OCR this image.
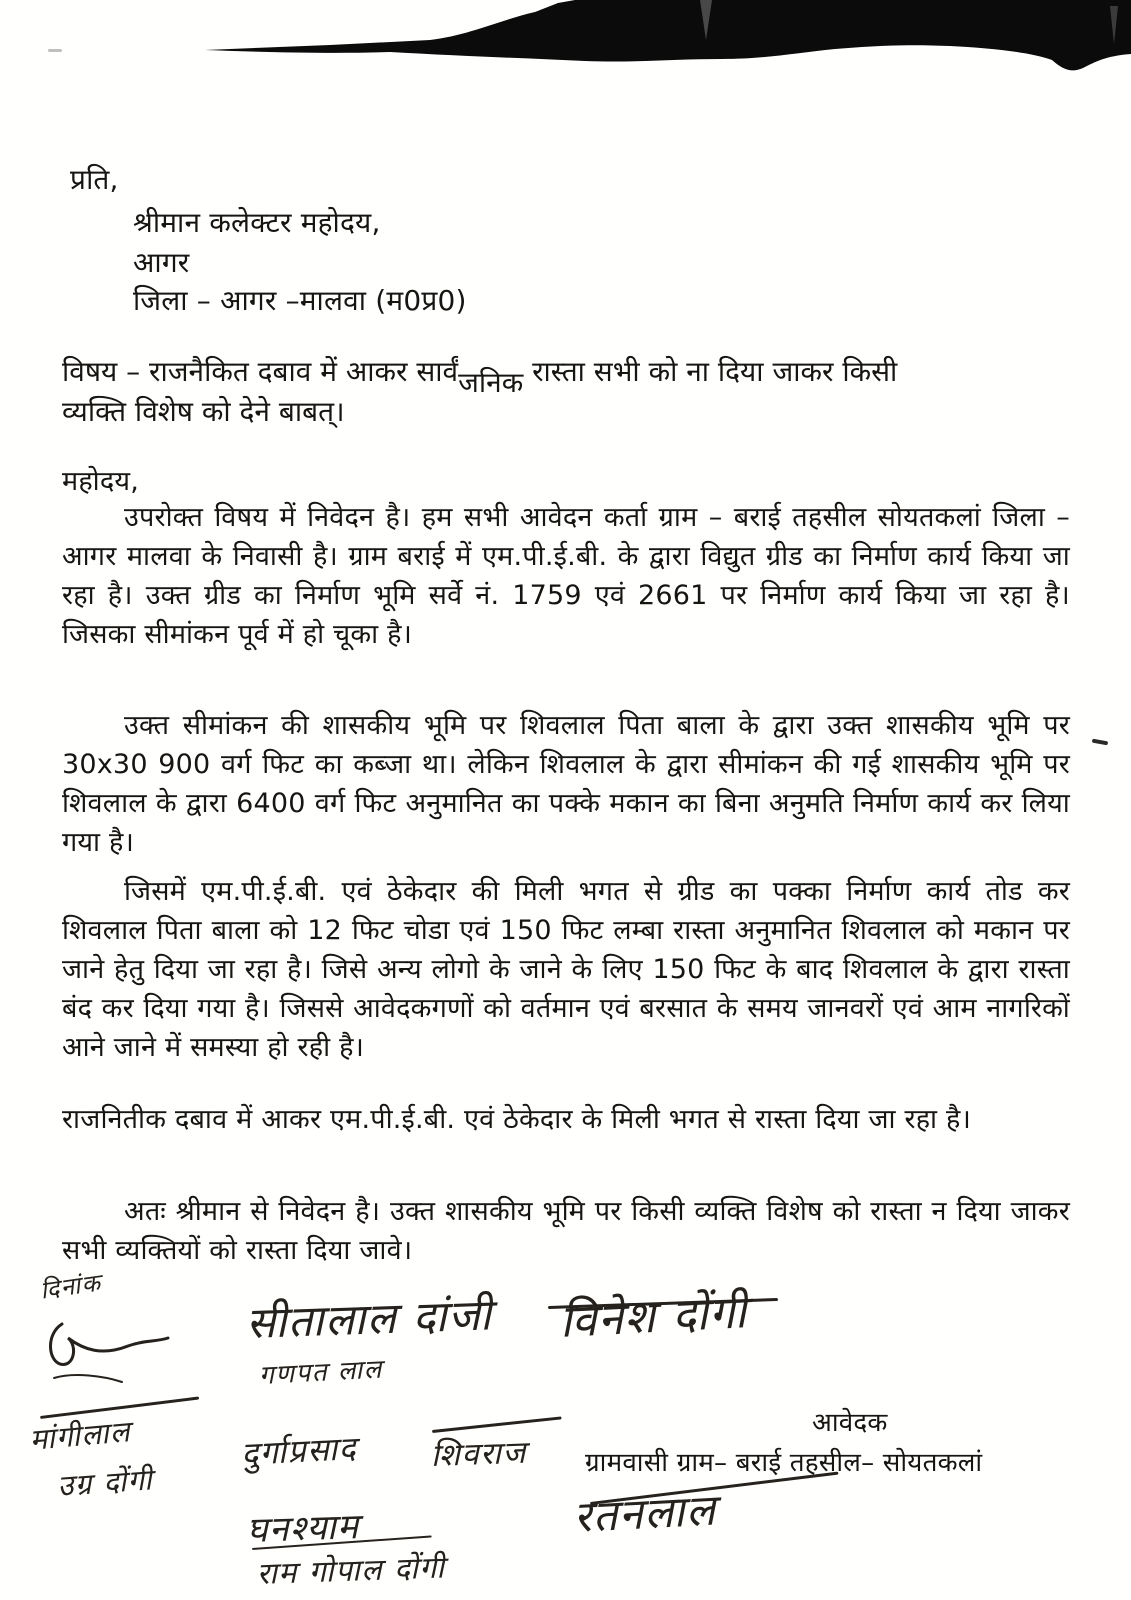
प्रति,
श्रीमान कलेक्टर महोदय,
आगर
जिला – आगर –मालवा (म0प्र0)
विषय – राजनैकित दबाव में आकर सार्वंजनिक रास्ता सभी को ना दिया जाकर किसी
व्यक्ति विशेष को देने बाबत्।
महोदय,
उपरोक्त विषय में निवेदन है। हम सभी आवेदन कर्ता ग्राम – बराई तहसील सोयतकलां जिला – आगर मालवा के निवासी है। ग्राम बराई में एम.पी.ई.बी. के द्वारा विद्युत ग्रीड का निर्माण कार्य किया जा रहा है। उक्त ग्रीड का निर्माण भूमि सर्वे नं. 1759 एवं 2661 पर निर्माण कार्य किया जा रहा है। जिसका सीमांकन पूर्व में हो चूका है।
उक्त सीमांकन की शासकीय भूमि पर शिवलाल पिता बाला के द्वारा उक्त शासकीय भूमि पर 30x30 900 वर्ग फिट का कब्जा था। लेकिन शिवलाल के द्वारा सीमांकन की गई शासकीय भूमि पर शिवलाल के द्वारा 6400 वर्ग फिट अनुमानित का पक्के मकान का बिना अनुमति निर्माण कार्य कर लिया गया है।
जिसमें एम.पी.ई.बी. एवं ठेकेदार की मिली भगत से ग्रीड का पक्का निर्माण कार्य तोड कर शिवलाल पिता बाला को 12 फिट चोडा एवं 150 फिट लम्बा रास्ता अनुमानित शिवलाल को मकान पर जाने हेतु दिया जा रहा है। जिसे अन्य लोगो के जाने के लिए 150 फिट के बाद शिवलाल के द्वारा रास्ता बंद कर दिया गया है। जिससे आवेदकगणों को वर्तमान एवं बरसात के समय जानवरों एवं आम नागरिकों आने जाने में समस्या हो रही है।
राजनितीक दबाव में आकर एम.पी.ई.बी. एवं ठेकेदार के मिली भगत से रास्ता दिया जा रहा है।
अतः श्रीमान से निवेदन है। उक्त शासकीय भूमि पर किसी व्यक्ति विशेष को रास्ता न दिया जाकर सभी व्यक्तियों को रास्ता दिया जावे।
दिनांक
सीतालाल दांजी
गणपत लाल
विनेश दोंगी
मांगीलाल
उग्र दोंगी
दुर्गाप्रसाद शिवराज
आवेदक
ग्रामवासी ग्राम– बराई तहसील– सोयतकलां
रतनलाल
घनश्याम
राम गोपाल दोंगी
